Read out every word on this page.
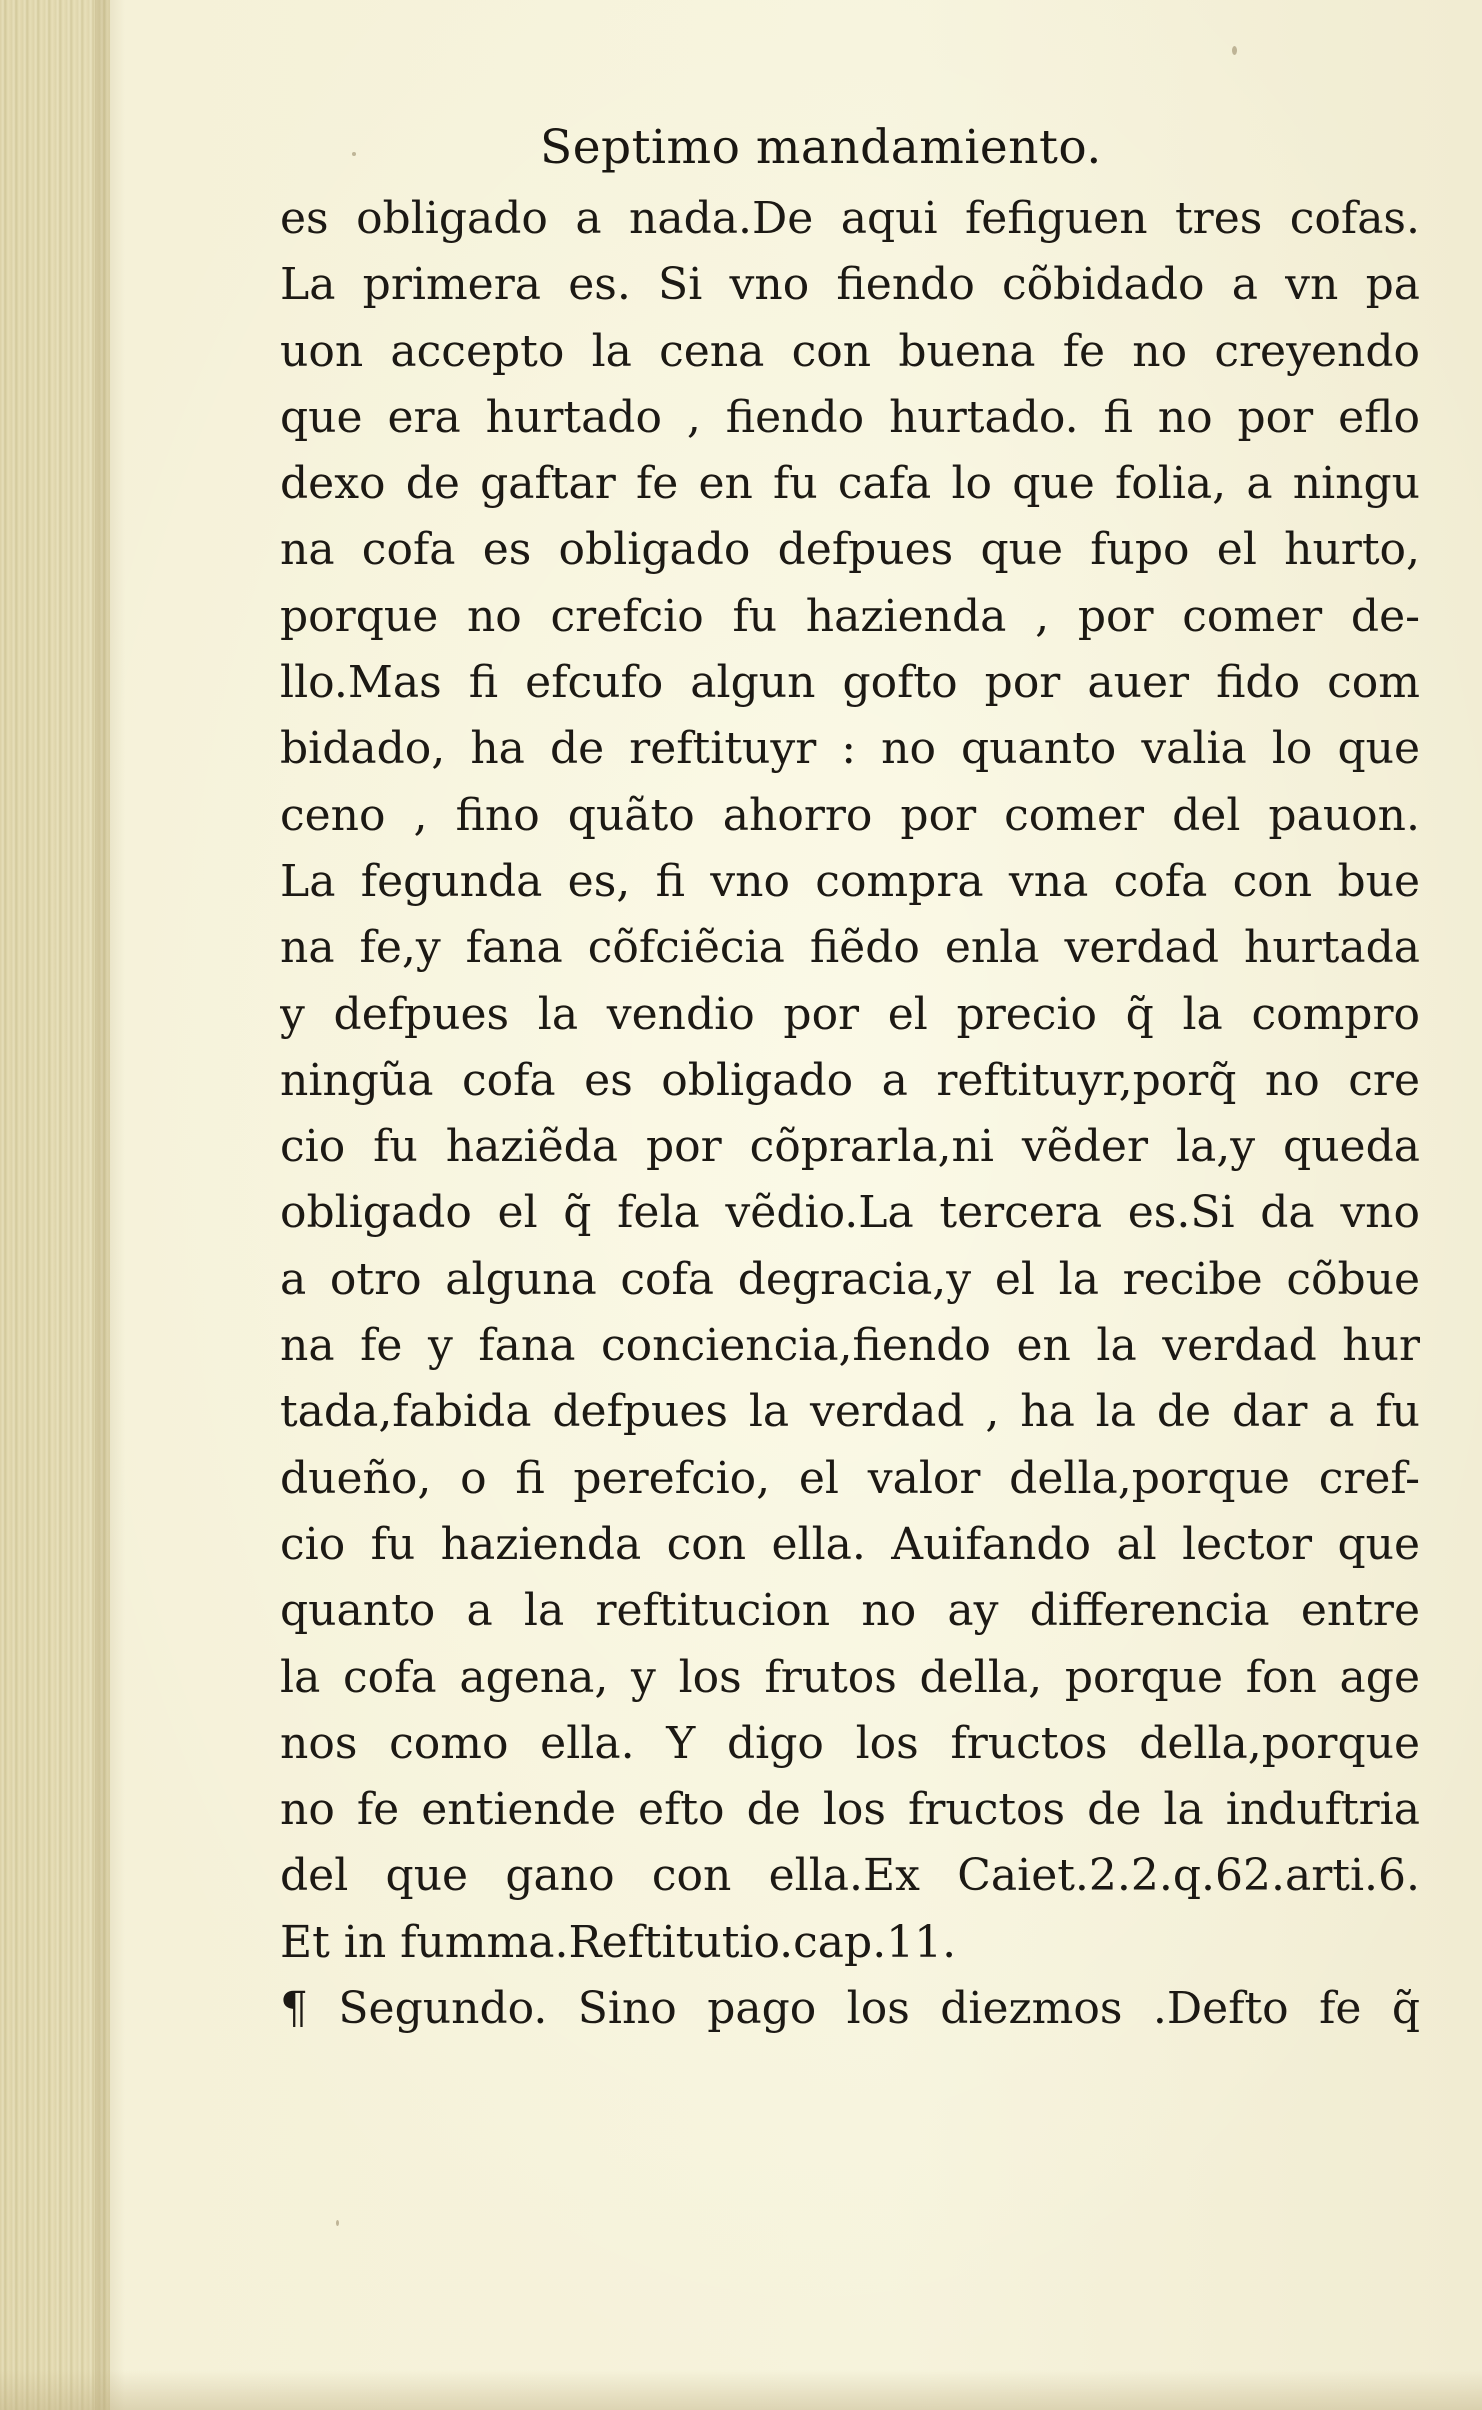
Septimo mandamiento.
es obligado a nada.De aqui fefiguen tres cofas.
La primera es. Si vno fiendo cõbidado a vn pa
uon accepto la cena con buena fe no creyendo
que era hurtado , fiendo hurtado. fi no por eflo
dexo de gaftar fe en fu cafa lo que folia, a ningu
na cofa es obligado defpues que fupo el hurto,
porque no crefcio fu hazienda , por comer de-
llo.Mas fi efcufo algun gofto por auer fido com
bidado, ha de reftituyr : no quanto valia lo que
ceno , fino quãto ahorro por comer del pauon.
La fegunda es, fi vno compra vna cofa con bue
na fe,y fana cõfciẽcia fiẽdo enla verdad hurtada
y defpues la vendio por el precio q̃ la compro
ningũa cofa es obligado a reftituyr,porq̃ no cre
cio fu haziẽda por cõprarla,ni vẽder la,y queda
obligado el q̃ fela vẽdio.La tercera es.Si da vno
a otro alguna cofa degracia,y el la recibe cõbue
na fe y fana conciencia,fiendo en la verdad hur
tada,fabida defpues la verdad , ha la de dar a fu
dueño, o fi perefcio, el valor della,porque cref-
cio fu hazienda con ella. Auifando al lector que
quanto a la reftitucion no ay differencia entre
la cofa agena, y los frutos della, porque fon age
nos como ella. Y digo los fructos della,porque
no fe entiende efto de los fructos de la induftria
del que gano con ella.Ex Caiet.2.2.q.62.arti.6.
Et in fumma.Reftitutio.cap.11.
¶ Segundo. Sino pago los diezmos .Defto fe q̃
